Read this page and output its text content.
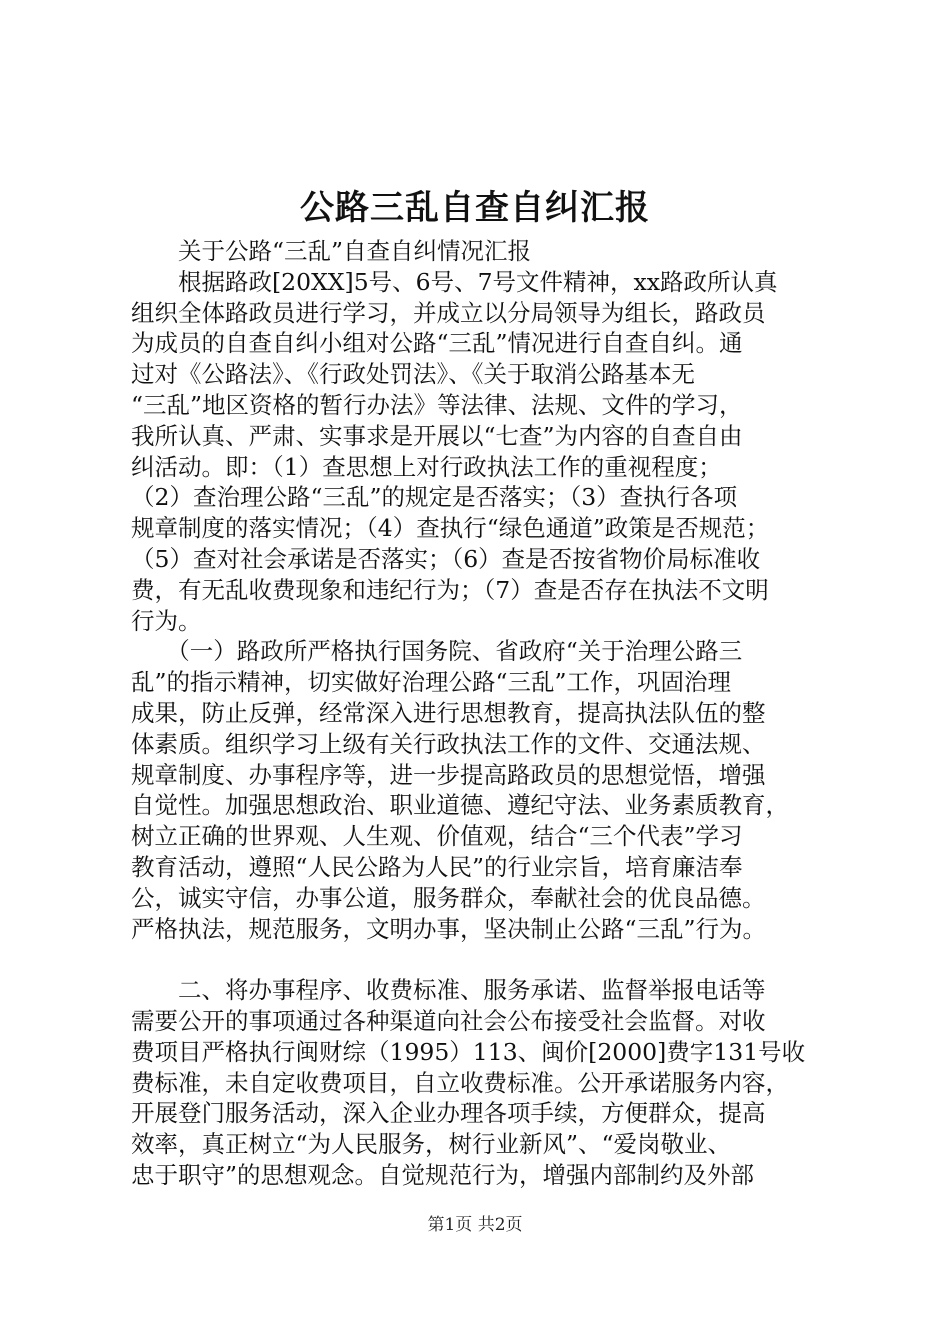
公路三乱自查自纠汇报
　　关于公路“三乱”自查自纠情况汇报
　　根据路政[20XX]5号、6号、7号文件精神，xx路政所认真
组织全体路政员进行学习，并成立以分局领导为组长，路政员
为成员的自查自纠小组对公路“三乱”情况进行自查自纠。通
过对《公路法》、《行政处罚法》、《关于取消公路基本无
“三乱”地区资格的暂行办法》等法律、法规、文件的学习，
我所认真、严肃、实事求是开展以“七查”为内容的自查自由
纠活动。即：（1）查思想上对行政执法工作的重视程度；
（2）查治理公路“三乱”的规定是否落实；（3）查执行各项
规章制度的落实情况；（4）查执行“绿色通道”政策是否规范；
（5）查对社会承诺是否落实；（6）查是否按省物价局标准收
费，有无乱收费现象和违纪行为；（7）查是否存在执法不文明
行为。
　　（一）路政所严格执行国务院、省政府“关于治理公路三
乱”的指示精神，切实做好治理公路“三乱”工作，巩固治理
成果，防止反弹，经常深入进行思想教育，提高执法队伍的整
体素质。组织学习上级有关行政执法工作的文件、交通法规、
规章制度、办事程序等，进一步提高路政员的思想觉悟，增强
自觉性。加强思想政治、职业道德、遵纪守法、业务素质教育，
树立正确的世界观、人生观、价值观，结合“三个代表”学习
教育活动，遵照“人民公路为人民”的行业宗旨，培育廉洁奉
公，诚实守信，办事公道，服务群众，奉献社会的优良品德。
严格执法，规范服务，文明办事，坚决制止公路“三乱”行为。
　　二、将办事程序、收费标准、服务承诺、监督举报电话等
需要公开的事项通过各种渠道向社会公布接受社会监督。对收
费项目严格执行闽财综（1995）113、闽价[2000]费字131号收
费标准，未自定收费项目，自立收费标准。公开承诺服务内容，
开展登门服务活动，深入企业办理各项手续，方便群众，提高
效率，真正树立“为人民服务，树行业新风”、“爱岗敬业、
忠于职守”的思想观念。自觉规范行为，增强内部制约及外部
第1页 共2页
